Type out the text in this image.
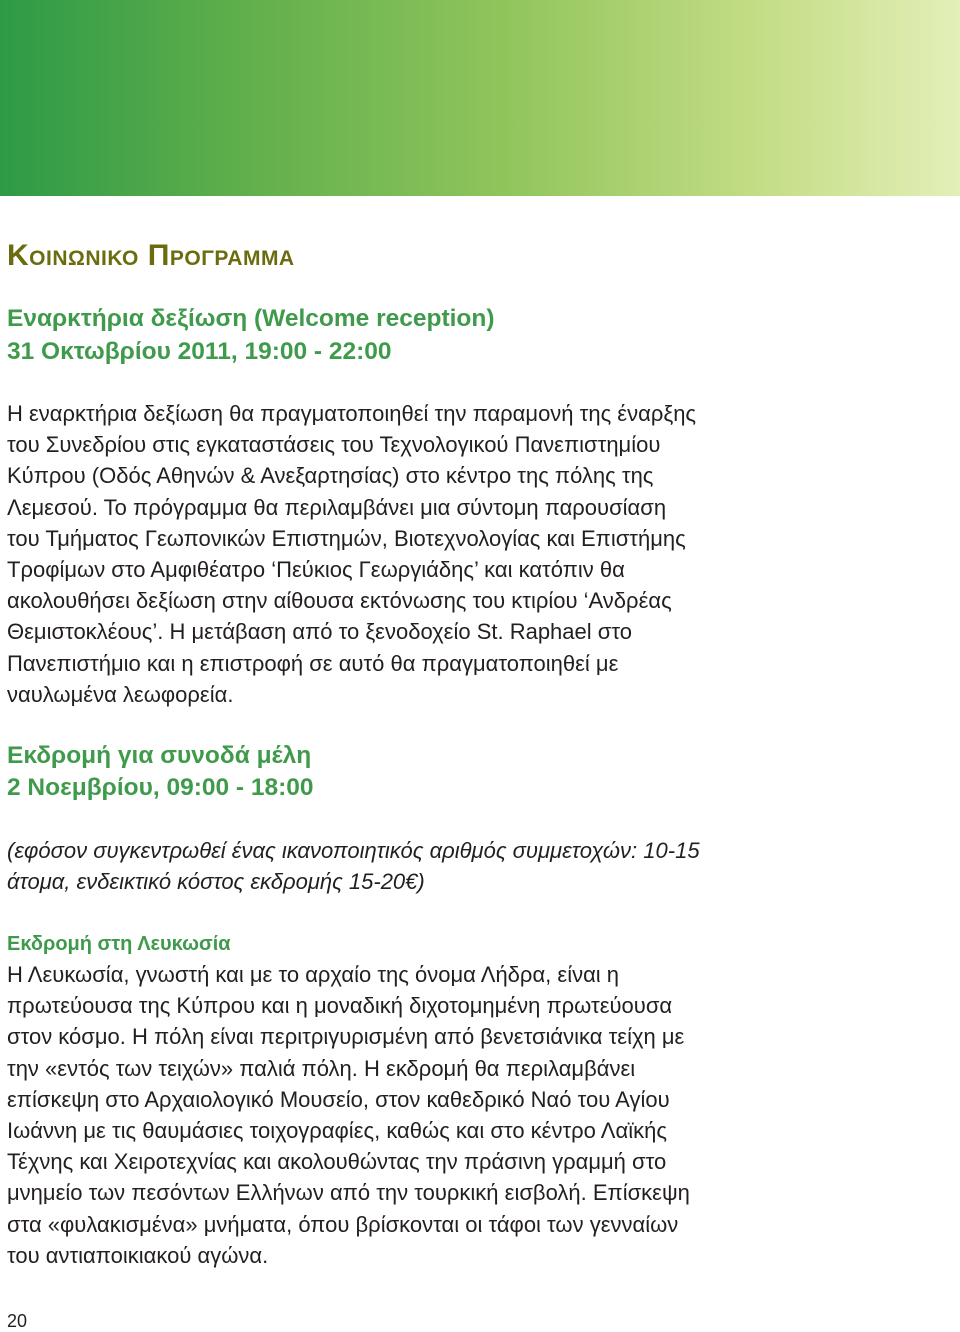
Κοινωνικο Προγραμμα
Εναρκτήρια δεξίωση (Welcome reception)

31 Οκτωβρίου 2011, 19:00 - 22:00

Η εναρκτήρια δεξίωση θα πραγματοποιηθεί την παραμονή της έναρξης
του Συνεδρίου στις εγκαταστάσεις του Τεχνολογικού Πανεπιστημίου
Κύπρου (Οδός Αθηνών & Ανεξαρτησίας) στο κέντρο της πόλης της
Λεμεσού. Το πρόγραμμα θα περιλαμβάνει μια σύντομη παρουσίαση
του Τμήματος Γεωπονικών Επιστημών, Βιοτεχνολογίας και Επιστήμης
Τροφίμων στο Αμφιθέατρο ‘Πεύκιος Γεωργιάδης’ και κατόπιν θα
ακολουθήσει δεξίωση στην αίθουσα εκτόνωσης του κτιρίου ‘Ανδρέας
Θεμιστοκλέους’. Η μετάβαση από το ξενοδοχείο St. Raphael στο
Πανεπιστήμιο και η επιστροφή σε αυτό θα πραγματοποιηθεί με
ναυλωμένα λεωφορεία.

Εκδρομή για συνοδά μέλη

2 Νοεμβρίου, 09:00 - 18:00

(εφόσον συγκεντρωθεί ένας ικανοποιητικός αριθμός συμμετοχών: 10-15
άτομα, ενδεικτικό κόστος εκδρομής 15-20€)

Εκδρομή στη Λευκωσία

Η Λευκωσία, γνωστή και με το αρχαίο της όνομα Λήδρα, είναι η
πρωτεύουσα της Κύπρου και η μοναδική διχοτομημένη πρωτεύουσα
στον κόσμο. Η πόλη είναι περιτριγυρισμένη από βενετσιάνικα τείχη με
την «εντός των τειχών» παλιά πόλη. Η εκδρομή θα περιλαμβάνει
επίσκεψη στο Αρχαιολογικό Μουσείο, στον καθεδρικό Ναό του Αγίου
Ιωάννη με τις θαυμάσιες τοιχογραφίες, καθώς και στο κέντρο Λαϊκής
Τέχνης και Χειροτεχνίας και ακολουθώντας την πράσινη γραμμή στο
μνημείο των πεσόντων Ελλήνων από την τουρκική εισβολή. Επίσκεψη
στα «φυλακισμένα» μνήματα, όπου βρίσκονται οι τάφοι των γενναίων
του αντιαποικιακού αγώνα.

20
